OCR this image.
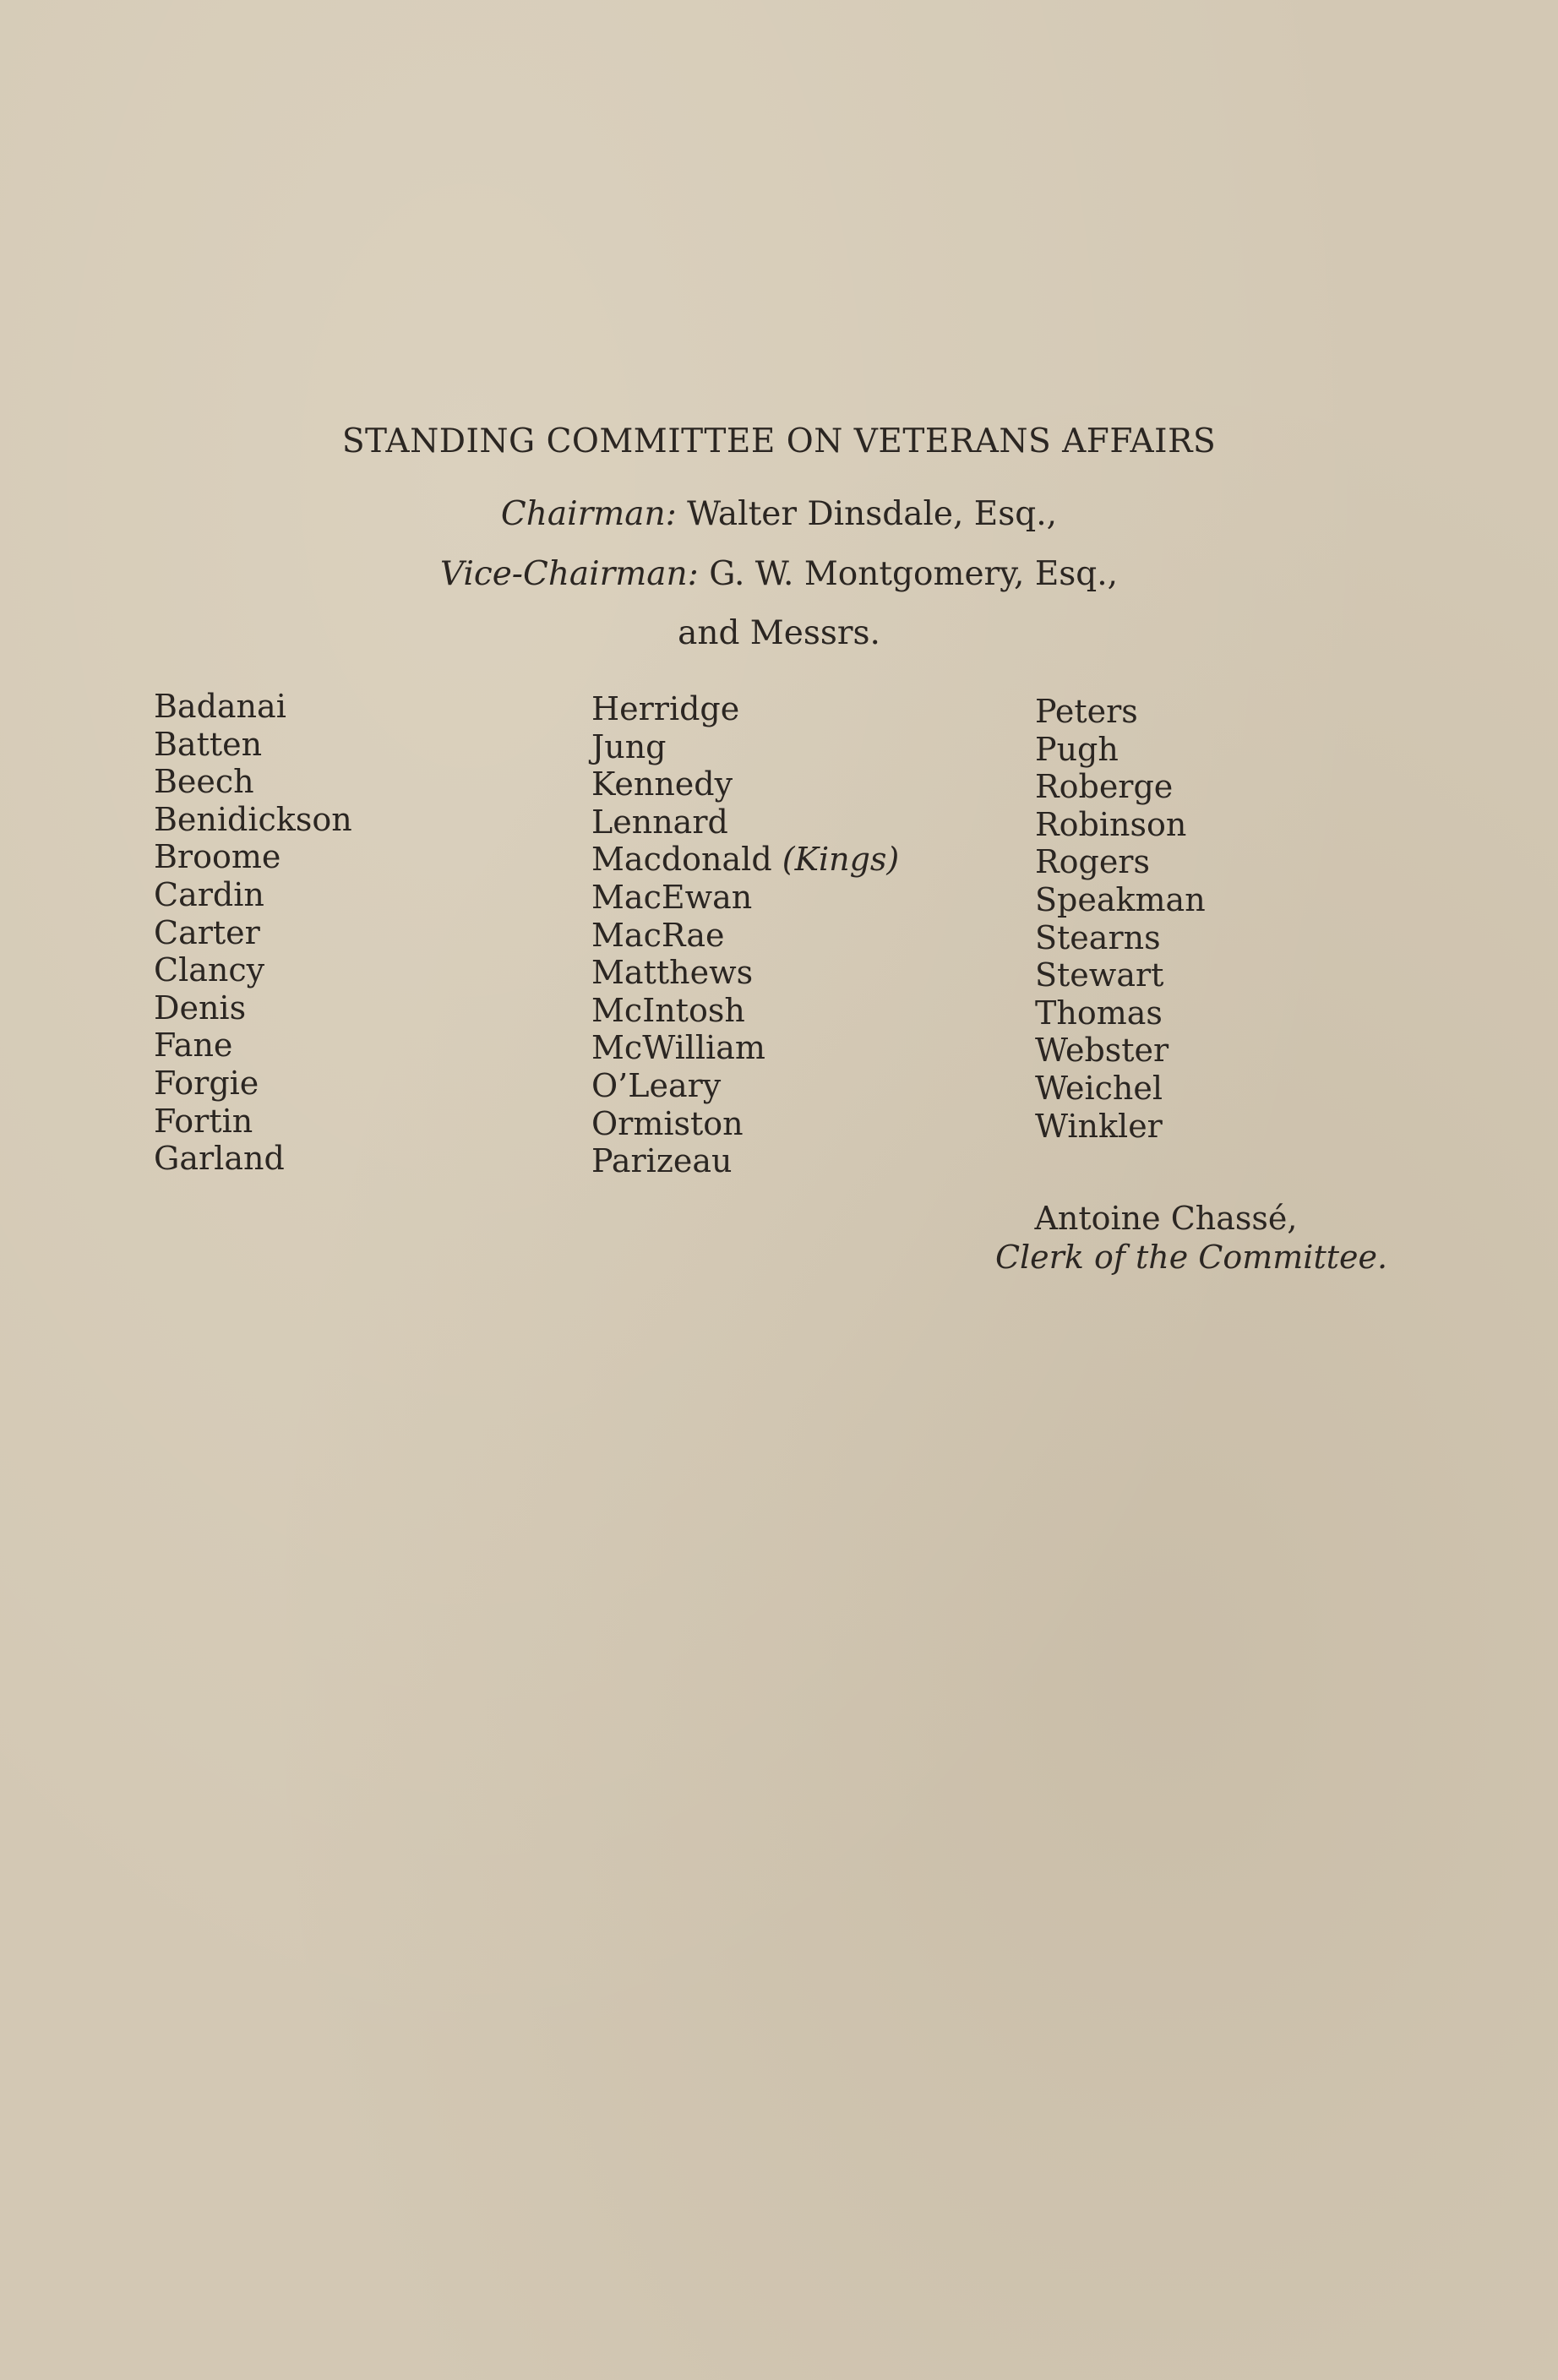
STANDING COMMITTEE ON VETERANS AFFAIRS
Chairman: Walter Dinsdale, Esq.,
Vice-Chairman: G. W. Montgomery, Esq.,
and Messrs.
Badanai
Batten
Beech
Benidickson
Broome
Cardin
Carter
Clancy
Denis
Fane
Forgie
Fortin
Garland
Herridge
Jung
Kennedy
Lennard
Macdonald (Kings)
MacEwan
MacRae
Matthews
McIntosh
McWilliam
O’Leary
Ormiston
Parizeau
Peters
Pugh
Roberge
Robinson
Rogers
Speakman
Stearns
Stewart
Thomas
Webster
Weichel
Winkler
Antoine Chassé,
Clerk of the Committee.
